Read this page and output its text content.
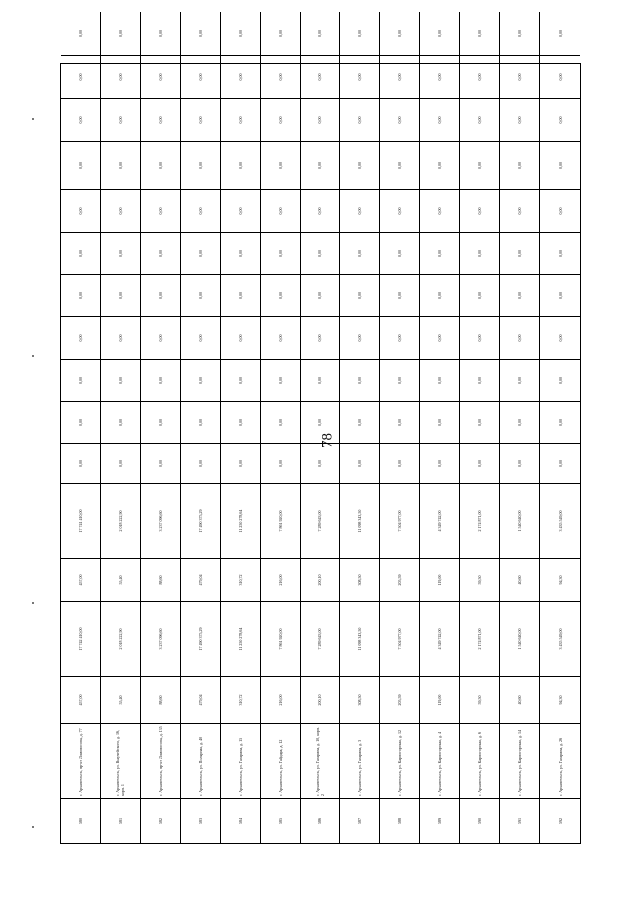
78
580
г. Архангельск, пр-кт Ломоносова, д. 77
457,00
17 742 410,00
457,00
17 741 410,00
0,00
0,00
0,00
0,00
0,00
0,00
0,00
0,00
0,00
0,00
0,00
581
г. Архангельск, ул. Выучейского, д. 16, корп. 1
55,40
2 018 222,90
55,40
2 018 222,90
0,00
0,00
0,00
0,00
0,00
0,00
0,00
0,00
0,00
0,00
0,00
582
г. Архангельск, пр-кт Ломоносова, д. 135
88,60
3 237 096,60
88,60
3 237 096,60
0,00
0,00
0,00
0,00
0,00
0,00
0,00
0,00
0,00
0,00
0,00
583
г. Архангельск, ул. Полярная, д. 40
479,04
17 490 375,29
479,04
17 490 375,29
0,00
0,00
0,00
0,00
0,00
0,00
0,00
0,00
0,00
0,00
0,00
584
г. Архангельск, ул. Гагарина, д. 15
310,72
11 250 278,64
310,72
11 250 278,64
0,00
0,00
0,00
0,00
0,00
0,00
0,00
0,00
0,00
0,00
0,00
585
г. Архангельск, ул. Гайдара, д. 12
216,00
7 861 920,00
216,00
7 861 920,00
0,00
0,00
0,00
0,00
0,00
0,00
0,00
0,00
0,00
0,00
0,00
586
г. Архангельск, ул. Гагарина, д. 10, корп. 2
200,10
7 289 643,00
200,10
7 289 643,00
0,00
0,00
0,00
0,00
0,00
0,00
0,00
0,00
0,00
0,00
0,00
587
г. Архангельск, ул. Гагарина, д. 3
308,50
11 098 343,50
308,50
11 098 343,50
0,00
0,00
0,00
0,00
0,00
0,00
0,00
0,00
0,00
0,00
0,00
588
г. Архангельск, ул. Карпогорская, д. 12
205,59
7 504 977,00
205,59
7 504 977,00
0,00
0,00
0,00
0,00
0,00
0,00
0,00
0,00
0,00
0,00
0,00
589
г. Архангельск, ул. Карпогорская, д. 4
119,00
4 349 742,00
119,00
4 349 742,00
0,00
0,00
0,00
0,00
0,00
0,00
0,00
0,00
0,00
0,00
0,00
590
г. Архангельск, ул. Карпогорская, д. 6
59,50
2 174 871,00
59,50
2 174 871,00
0,00
0,00
0,00
0,00
0,00
0,00
0,00
0,00
0,00
0,00
0,00
591
г. Архангельск, ул. Карпогорская, д. 14
40,60
1 540 640,00
40,60
1 540 640,00
0,00
0,00
0,00
0,00
0,00
0,00
0,00
0,00
0,00
0,00
0,00
592
г. Архангельск, ул. Гагарина, д. 26
94,30
3 435 549,00
94,30
3 435 549,00
0,00
0,00
0,00
0,00
0,00
0,00
0,00
0,00
0,00
0,00
0,00
